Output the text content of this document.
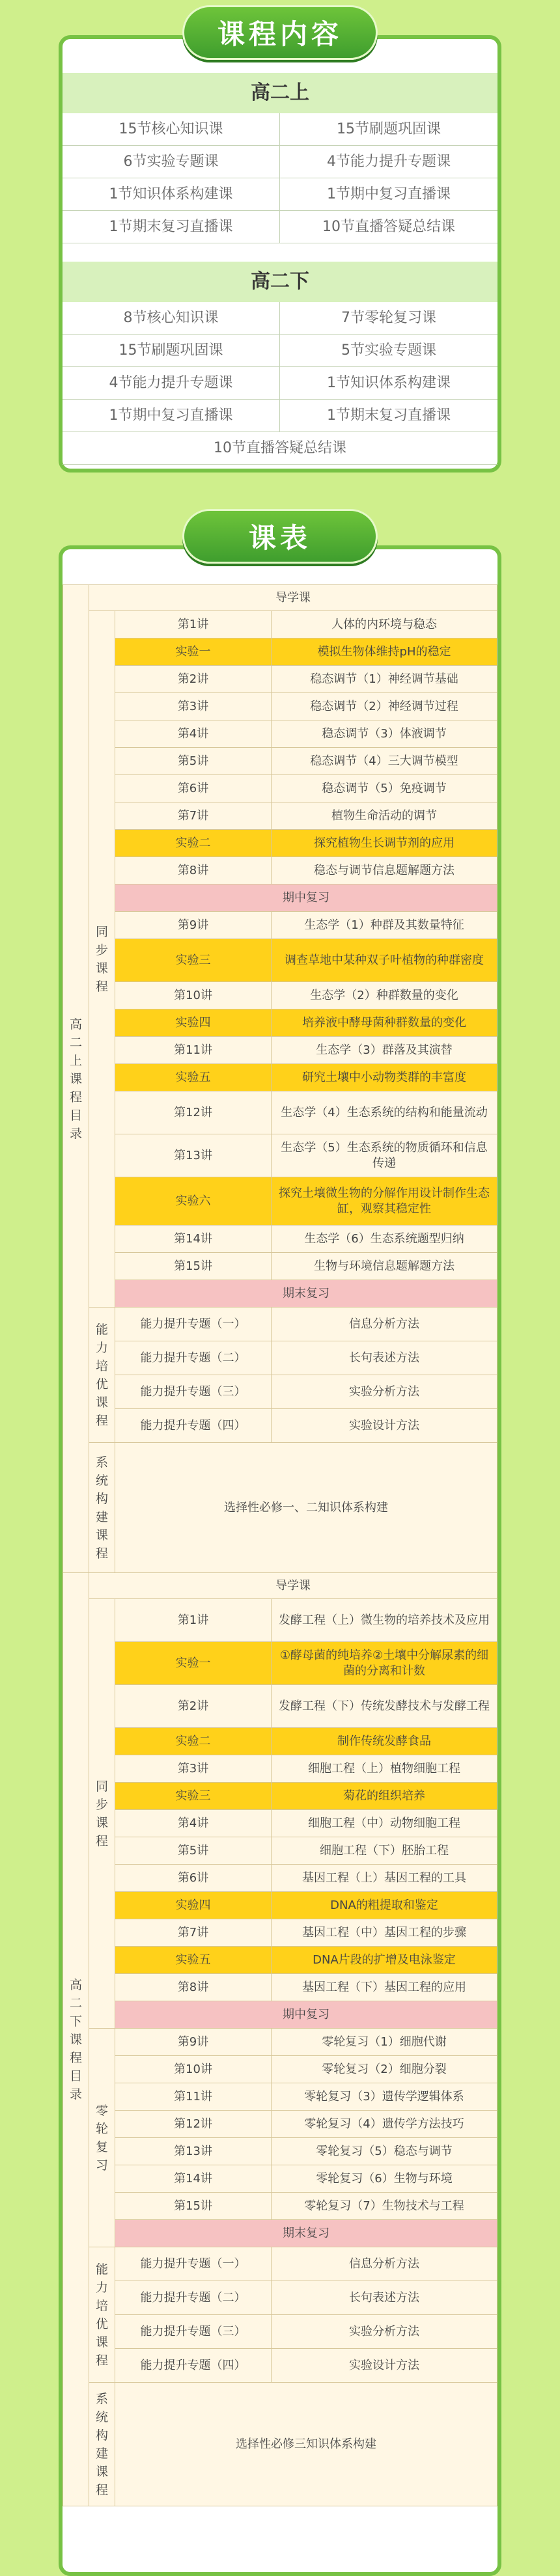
课程内容
高二上
15节核心知识课	15节刷题巩固课
6节实验专题课	4节能力提升专题课
1节知识体系构建课	1节期中复习直播课
1节期末复习直播课	10节直播答疑总结课
高二下
8节核心知识课	7节零轮复习课
15节刷题巩固课	5节实验专题课
4节能力提升专题课	1节知识体系构建课
1节期中复习直播课	1节期末复习直播课
10节直播答疑总结课
课表
高二上课程目录	导学课		
	同步课程	第1讲	人体的内环境与稳态
		实验一	模拟生物体维持pH的稳定
		第2讲	稳态调节（1）神经调节基础
		第3讲	稳态调节（2）神经调节过程
		第4讲	稳态调节（3）体液调节
		第5讲	稳态调节（4）三大调节模型
		第6讲	稳态调节（5）免疫调节
		第7讲	植物生命活动的调节
		实验二	探究植物生长调节剂的应用
		第8讲	稳态与调节信息题解题方法
		期中复习	
		第9讲	生态学（1）种群及其数量特征
		实验三	调查草地中某种双子叶植物的种群密度
		第10讲	生态学（2）种群数量的变化
		实验四	培养液中酵母菌种群数量的变化
		第11讲	生态学（3）群落及其演替
		实验五	研究土壤中小动物类群的丰富度
		第12讲	生态学（4）生态系统的结构和能量流动
		第13讲	生态学（5）生态系统的物质循环和信息传递
		实验六	探究土壤微生物的分解作用设计制作生态缸，观察其稳定性
		第14讲	生态学（6）生态系统题型归纳
		第15讲	生物与环境信息题解题方法
		期末复习	
	能力培优课程	能力提升专题（一）	信息分析方法
		能力提升专题（二）	长句表述方法
		能力提升专题（三）	实验分析方法
		能力提升专题（四）	实验设计方法
	系统构建课程	选择性必修一、二知识体系构建	
高二下课程目录	导学课		
	同步课程	第1讲	发酵工程（上）微生物的培养技术及应用
		实验一	①酵母菌的纯培养②土壤中分解尿素的细菌的分离和计数
		第2讲	发酵工程（下）传统发酵技术与发酵工程
		实验二	制作传统发酵食品
		第3讲	细胞工程（上）植物细胞工程
		实验三	菊花的组织培养
		第4讲	细胞工程（中）动物细胞工程
		第5讲	细胞工程（下）胚胎工程
		第6讲	基因工程（上）基因工程的工具
		实验四	DNA的粗提取和鉴定
		第7讲	基因工程（中）基因工程的步骤
		实验五	DNA片段的扩增及电泳鉴定
		第8讲	基因工程（下）基因工程的应用
		期中复习	
	零轮复习	第9讲	零轮复习（1）细胞代谢
		第10讲	零轮复习（2）细胞分裂
		第11讲	零轮复习（3）遗传学逻辑体系
		第12讲	零轮复习（4）遗传学方法技巧
		第13讲	零轮复习（5）稳态与调节
		第14讲	零轮复习（6）生物与环境
		第15讲	零轮复习（7）生物技术与工程
		期末复习	
	能力培优课程	能力提升专题（一）	信息分析方法
		能力提升专题（二）	长句表述方法
		能力提升专题（三）	实验分析方法
		能力提升专题（四）	实验设计方法
	系统构建课程	选择性必修三知识体系构建	
